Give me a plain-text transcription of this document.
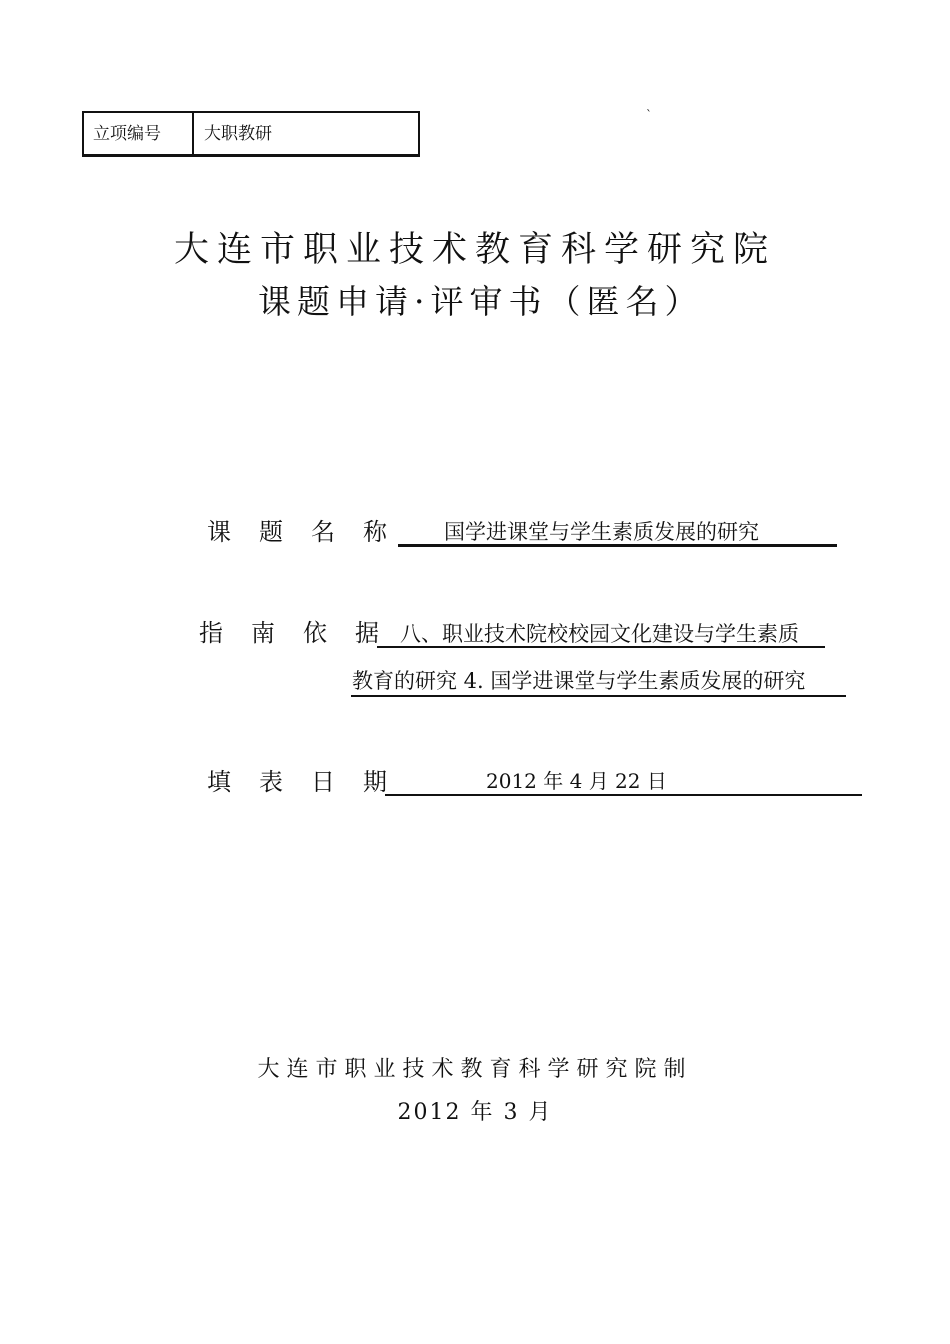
立项编号	大职教研
`
大连市职业技术教育科学研究院
课题申请·评审书（匿名）
课题名称 国学进课堂与学生素质发展的研究
指南依据
八、职业技术院校校园文化建设与学生素质
教育的研究 4. 国学进课堂与学生素质发展的研究
填表日期	2012 年 4 月 22 日
大连市职业技术教育科学研究院制
2012 年 3 月
